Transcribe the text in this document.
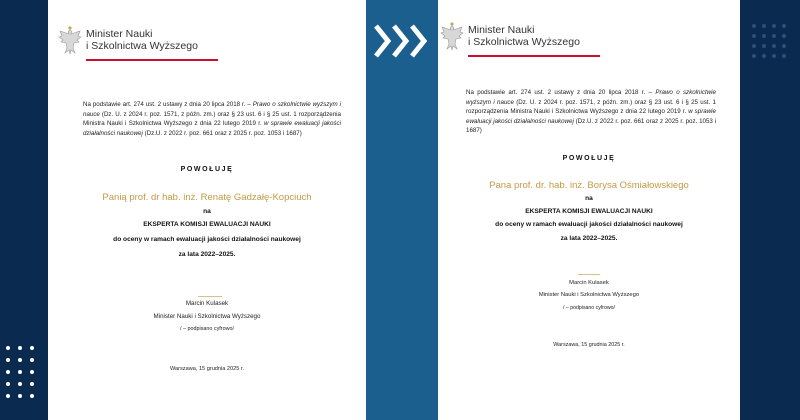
Minister Nauki
i Szkolnictwa Wyższego
Na podstawie art. 274 ust. 2 ustawy z dnia 20 lipca 2018 r. – Prawo o szkolnictwie wyższym i nauce (Dz. U. z 2024 r. poz. 1571, z późn. zm.) oraz § 23 ust. 6 i § 25 ust. 1 rozporządzenia Ministra Nauki i Szkolnictwa Wyższego z dnia 22 lutego 2019 r. w sprawie ewaluacji jakości działalności naukowej (Dz.U. z 2022 r. poz. 661 oraz z 2025 r. poz. 1053 i 1687)
POWOŁUJĘ
Panią prof. dr hab. inż. Renatę Gadzałę-Kopciuch
na
EKSPERTA KOMISJI EWALUACJI NAUKI
do oceny w ramach ewaluacji jakości działalności naukowej
za lata 2022–2025.
Marcin Kulasek
Minister Nauki i Szkolnictwa Wyższego
/ – podpisano cyfrowo/
Warszawa, 15 grudnia 2025 r.
Minister Nauki
i Szkolnictwa Wyższego
Na podstawie art. 274 ust. 2 ustawy z dnia 20 lipca 2018 r. – Prawo o szkolnictwie wyższym i nauce (Dz. U. z 2024 r. poz. 1571, z późn. zm.) oraz § 23 ust. 6 i § 25 ust. 1 rozporządzenia Ministra Nauki i Szkolnictwa Wyższego z dnia 22 lutego 2019 r. w sprawie ewaluacji jakości działalności naukowej (Dz.U. z 2022 r. poz. 661 oraz z 2025 r. poz. 1053 i 1687)
POWOŁUJĘ
Pana prof. dr. hab. inż. Borysa Ośmiałowskiego
na
EKSPERTA KOMISJI EWALUACJI NAUKI
do oceny w ramach ewaluacji jakości działalności naukowej
za lata 2022–2025.
Marcin Kulasek
Minister Nauki i Szkolnictwa Wyższego
/ – podpisano cyfrowo/
Warszawa, 15 grudnia 2025 r.
